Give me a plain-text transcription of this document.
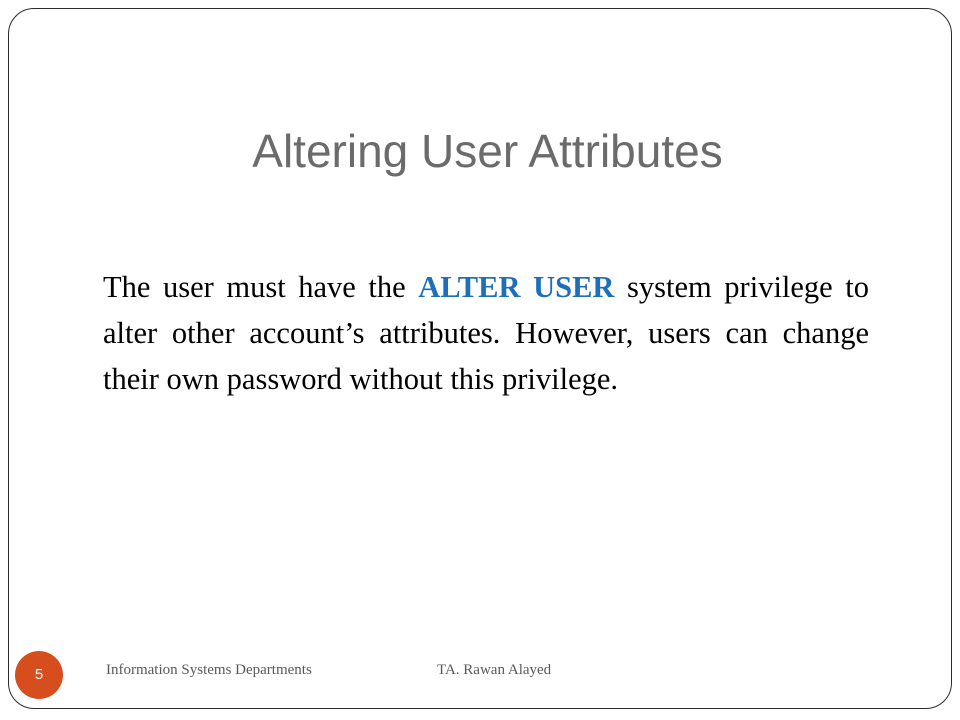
Altering User Attributes
The user must have the ALTER USER system privilege to alter other account’s attributes. However, users can change their own password without this privilege.
5	Information Systems Departments	TA. Rawan Alayed
